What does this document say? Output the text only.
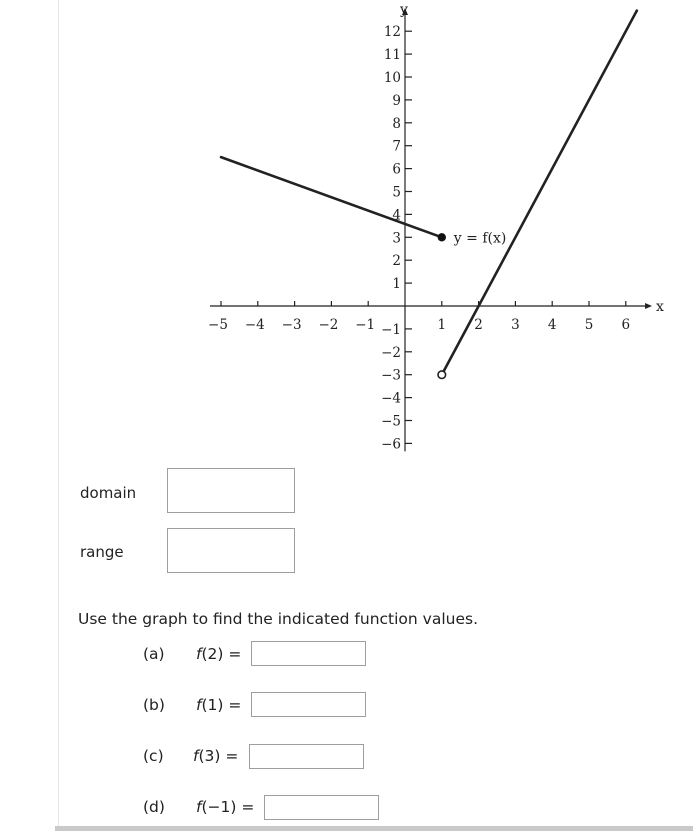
−5 −4 −3 −2 −1	1 2 3 4 5 6
1
2
3
4
5
6
7
8
9
10
11
12
−1
−2
−3
−4
−5
−6
x
y
y = f(x)
domain
range
Use the graph to find the indicated function values.
(a) f(2) =
(b) f(1) =
(c) f(3) =
(d) f(−1) =
